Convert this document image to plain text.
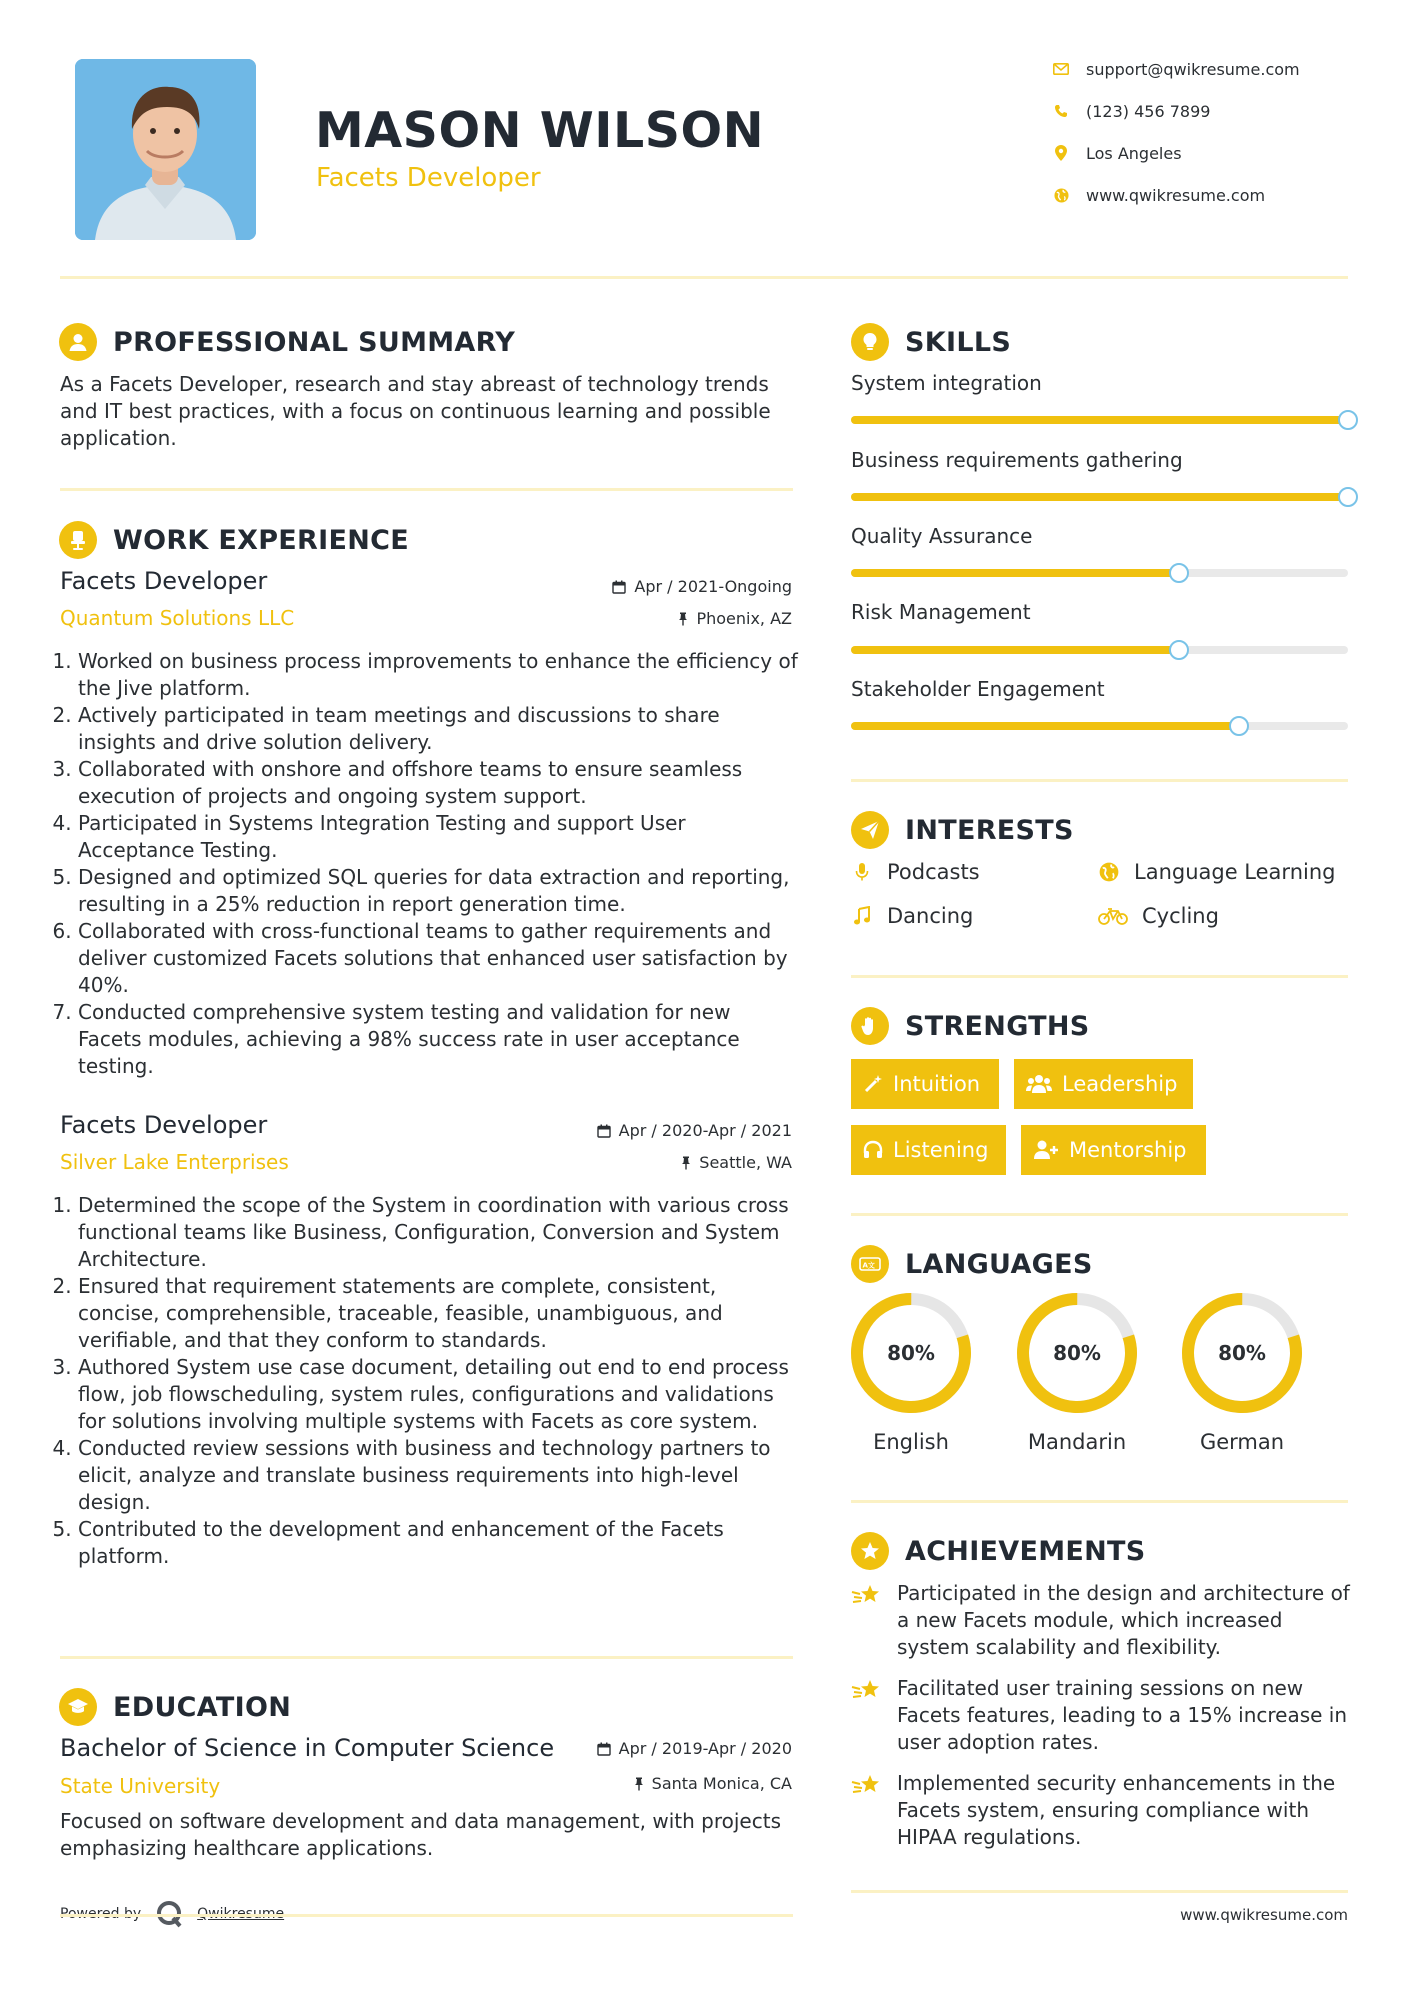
MASON WILSON
Facets Developer
support@qwikresume.com
(123) 456 7899
Los Angeles
www.qwikresume.com
PROFESSIONAL SUMMARY
As a Facets Developer, research and stay abreast of technology trends and IT best practices, with a focus on continuous learning and possible application.
WORK EXPERIENCE
Facets Developer
Quantum Solutions LLC
Apr / 2021-Ongoing
Phoenix, AZ
1. Worked on business process improvements to enhance the efficiency of the Jive platform.
2. Actively participated in team meetings and discussions to share insights and drive solution delivery.
3. Collaborated with onshore and offshore teams to ensure seamless execution of projects and ongoing system support.
4. Participated in Systems Integration Testing and support User Acceptance Testing.
5. Designed and optimized SQL queries for data extraction and reporting, resulting in a 25% reduction in report generation time.
6. Collaborated with cross-functional teams to gather requirements and deliver customized Facets solutions that enhanced user satisfaction by 40%.
7. Conducted comprehensive system testing and validation for new Facets modules, achieving a 98% success rate in user acceptance testing.
Facets Developer
Silver Lake Enterprises
Apr / 2020-Apr / 2021
Seattle, WA
1. Determined the scope of the System in coordination with various cross functional teams like Business, Configuration, Conversion and System Architecture.
2. Ensured that requirement statements are complete, consistent, concise, comprehensible, traceable, feasible, unambiguous, and verifiable, and that they conform to standards.
3. Authored System use case document, detailing out end to end process flow, job flowscheduling, system rules, configurations and validations for solutions involving multiple systems with Facets as core system.
4. Conducted review sessions with business and technology partners to elicit, analyze and translate business requirements into high-level design.
5. Contributed to the development and enhancement of the Facets platform.
EDUCATION
Bachelor of Science in Computer Science
State University
Apr / 2019-Apr / 2020
Santa Monica, CA
Focused on software development and data management, with projects emphasizing healthcare applications.
SKILLS
System integration
Business requirements gathering
Quality Assurance
Risk Management
Stakeholder Engagement
INTERESTS
Podcasts	Language Learning
Dancing	Cycling
STRENGTHS
Intuition	Leadership
Listening	Mentorship
A文 LANGUAGES
80%	80%	80%
English	Mandarin	German
ACHIEVEMENTS
Participated in the design and architecture of a new Facets module, which increased system scalability and flexibility.
Facilitated user training sessions on new Facets features, leading to a 15% increase in user adoption rates.
Implemented security enhancements in the Facets system, ensuring compliance with HIPAA regulations.
www.qwikresume.com
